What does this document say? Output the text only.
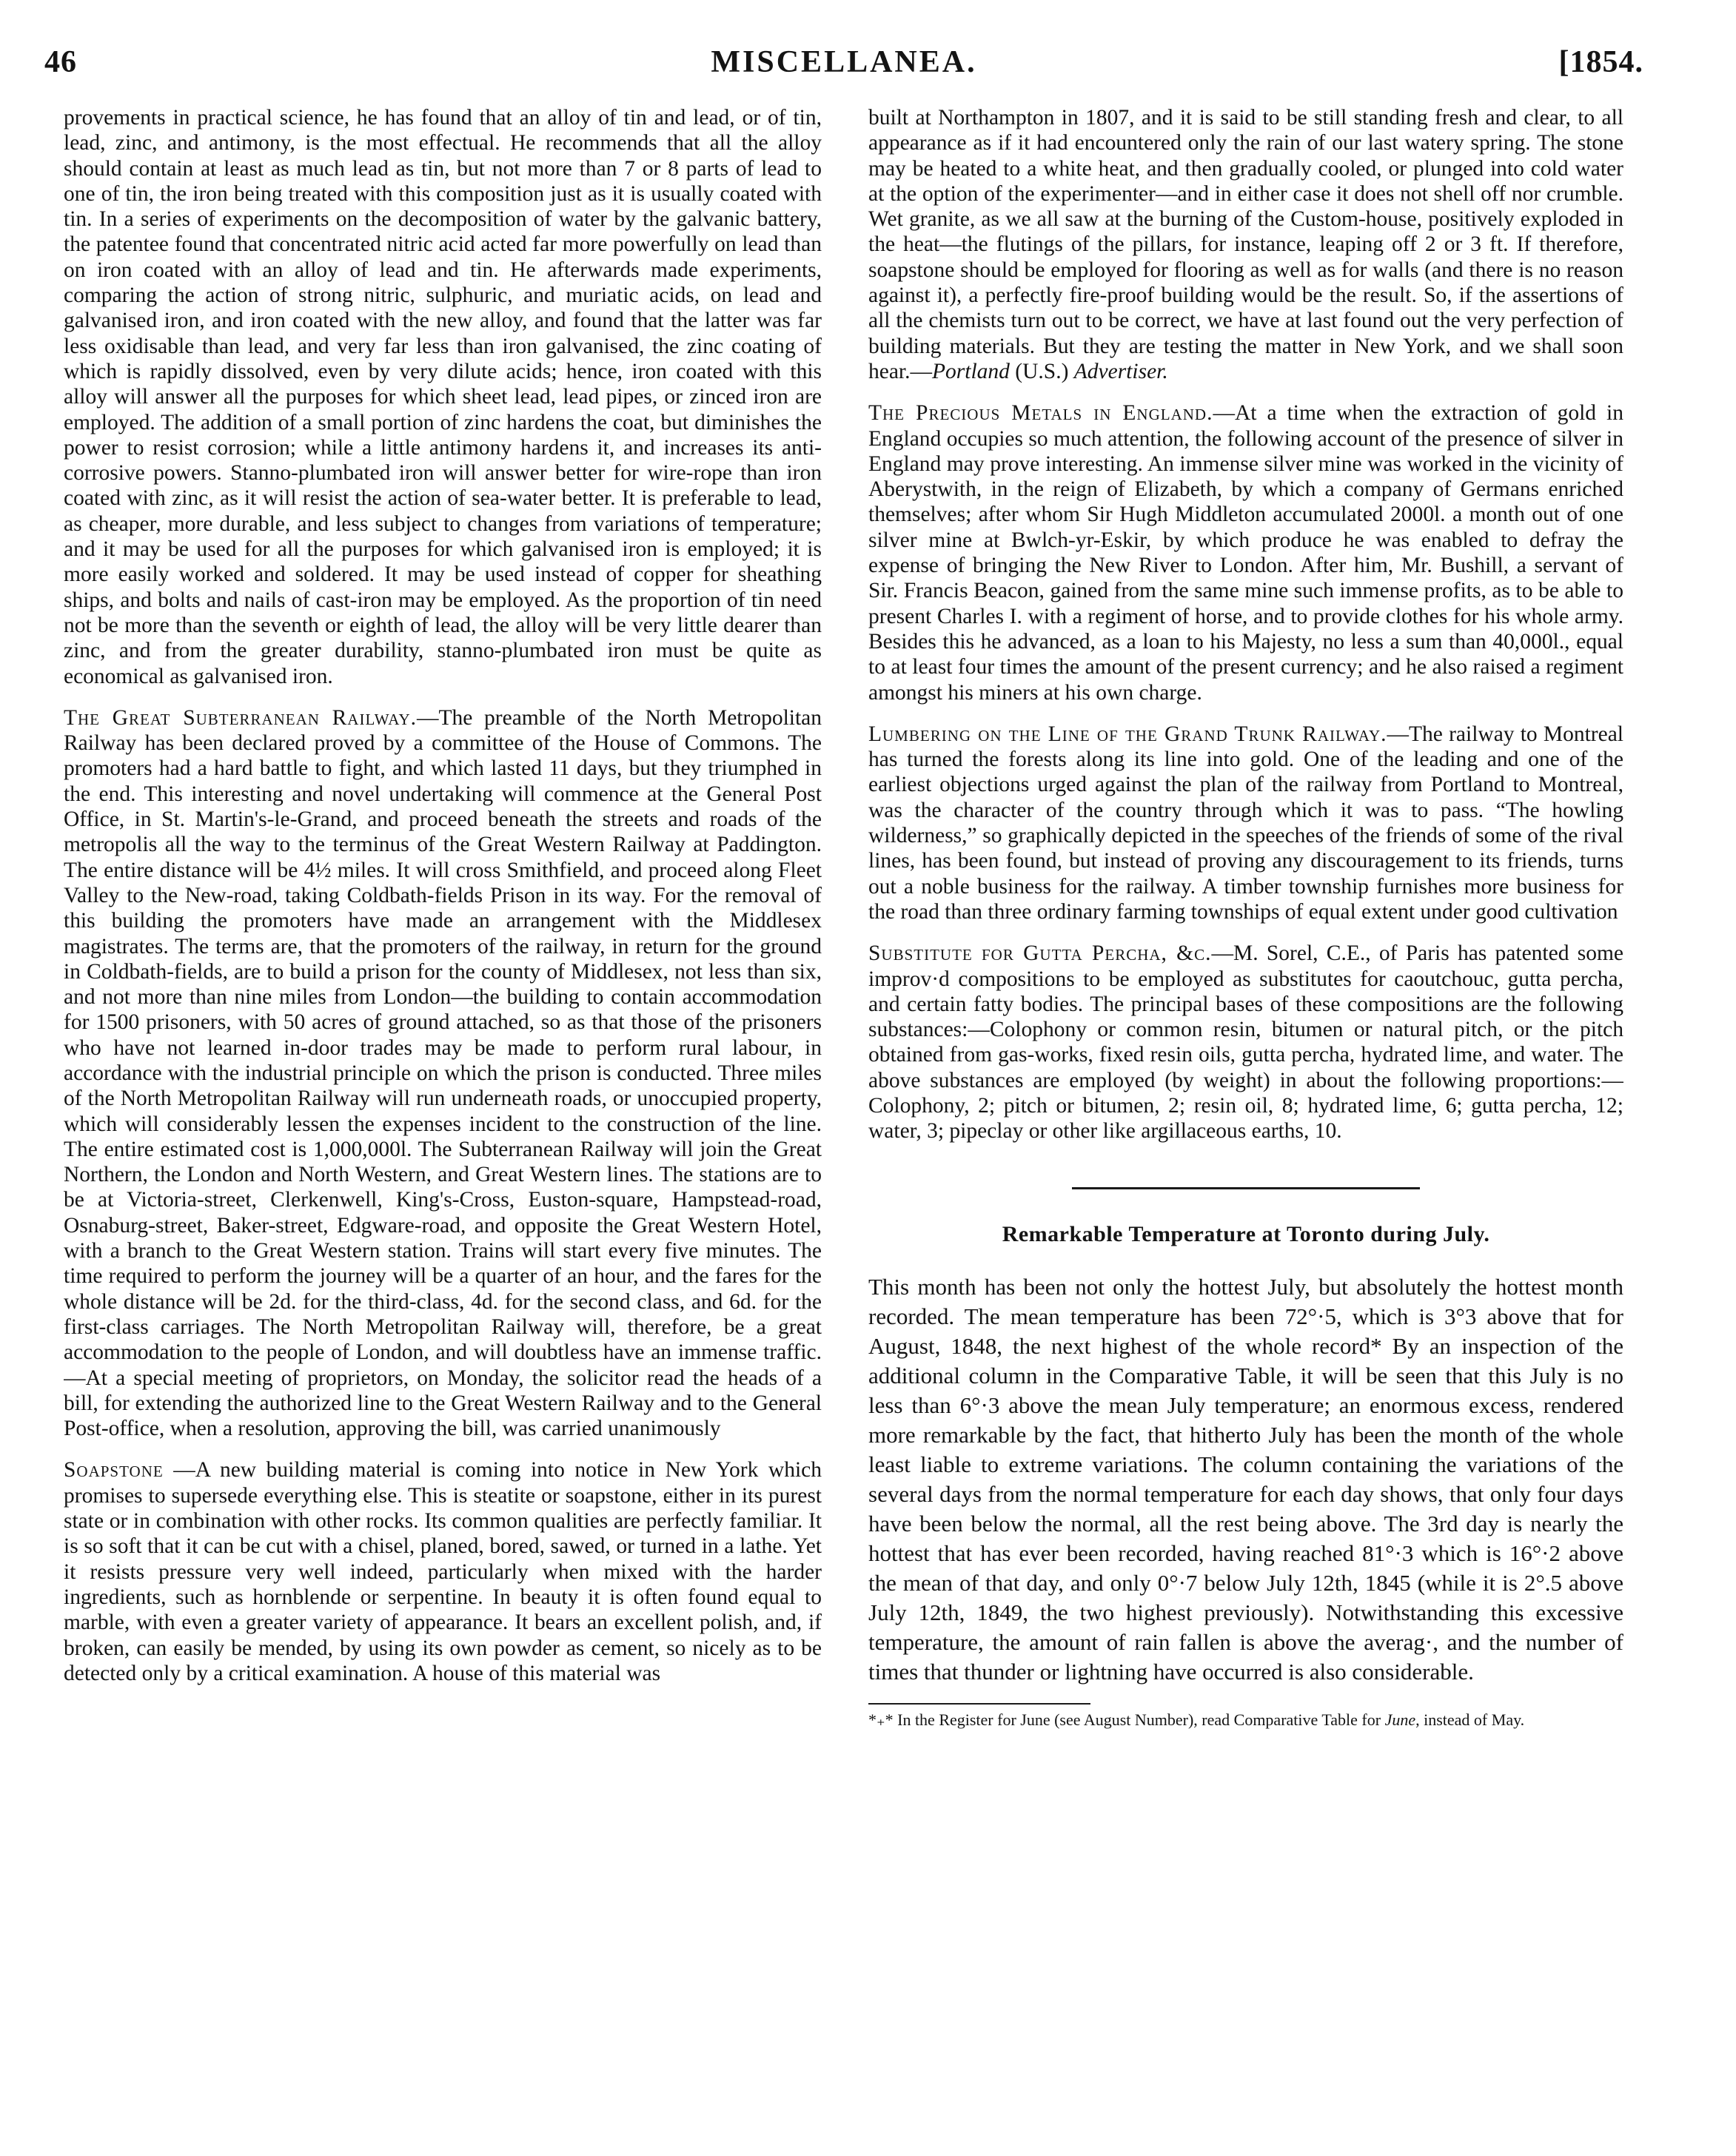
46	MISCELLANEA.	[1854.

provements in practical science, he has found that an alloy of tin and lead, or of tin, lead, zinc, and antimony, is the most effectual. He recommends that all the alloy should contain at least as much lead as tin, but not more than 7 or 8 parts of lead to one of tin, the iron being treated with this composition just as it is usually coated with tin. In a series of experiments on the decomposition of water by the galvanic battery, the patentee found that concentrated nitric acid acted far more powerfully on lead than on iron coated with an alloy of lead and tin. He afterwards made experiments, comparing the action of strong nitric, sulphuric, and muriatic acids, on lead and galvanised iron, and iron coated with the new alloy, and found that the latter was far less oxidisable than lead, and very far less than iron galvanised, the zinc coating of which is rapidly dissolved, even by very dilute acids; hence, iron coated with this alloy will answer all the purposes for which sheet lead, lead pipes, or zinced iron are employed. The addition of a small portion of zinc hardens the coat, but diminishes the power to resist corrosion; while a little antimony hardens it, and increases its anti-corrosive powers. Stanno-plumbated iron will answer better for wire-rope than iron coated with zinc, as it will resist the action of sea-water better. It is preferable to lead, as cheaper, more durable, and less subject to changes from variations of temperature; and it may be used for all the purposes for which galvanised iron is employed; it is more easily worked and soldered. It may be used instead of copper for sheathing ships, and bolts and nails of cast-iron may be employed. As the proportion of tin need not be more than the seventh or eighth of lead, the alloy will be very little dearer than zinc, and from the greater durability, stanno-plumbated iron must be quite as economical as galvanised iron.

The Great Subterranean Railway.—The preamble of the North Metropolitan Railway has been declared proved by a committee of the House of Commons. The promoters had a hard battle to fight, and which lasted 11 days, but they triumphed in the end. This interesting and novel undertaking will commence at the General Post Office, in St. Martin's-le-Grand, and proceed beneath the streets and roads of the metropolis all the way to the terminus of the Great Western Railway at Paddington. The entire distance will be 4½ miles. It will cross Smithfield, and proceed along Fleet Valley to the New-road, taking Coldbath-fields Prison in its way. For the removal of this building the promoters have made an arrangement with the Middlesex magistrates. The terms are, that the promoters of the railway, in return for the ground in Coldbath-fields, are to build a prison for the county of Middlesex, not less than six, and not more than nine miles from London—the building to contain accommodation for 1500 prisoners, with 50 acres of ground attached, so as that those of the prisoners who have not learned in-door trades may be made to perform rural labour, in accordance with the industrial principle on which the prison is conducted. Three miles of the North Metropolitan Railway will run underneath roads, or unoccupied property, which will considerably lessen the expenses incident to the construction of the line. The entire estimated cost is 1,000,000l. The Subterranean Railway will join the Great Northern, the London and North Western, and Great Western lines. The stations are to be at Victoria-street, Clerkenwell, King's-Cross, Euston-square, Hampstead-road, Osnaburg-street, Baker-street, Edgware-road, and opposite the Great Western Hotel, with a branch to the Great Western station. Trains will start every five minutes. The time required to perform the journey will be a quarter of an hour, and the fares for the whole distance will be 2d. for the third-class, 4d. for the second class, and 6d. for the first-class carriages. The North Metropolitan Railway will, therefore, be a great accommodation to the people of London, and will doubtless have an immense traffic.—At a special meeting of proprietors, on Monday, the solicitor read the heads of a bill, for extending the authorized line to the Great Western Railway and to the General Post-office, when a resolution, approving the bill, was carried unanimously

Soapstone —A new building material is coming into notice in New York which promises to supersede everything else. This is steatite or soapstone, either in its purest state or in combination with other rocks. Its common qualities are perfectly familiar. It is so soft that it can be cut with a chisel, planed, bored, sawed, or turned in a lathe. Yet it resists pressure very well indeed, particularly when mixed with the harder ingredients, such as hornblende or serpentine. In beauty it is often found equal to marble, with even a greater variety of appearance. It bears an excellent polish, and, if broken, can easily be mended, by using its own powder as cement, so nicely as to be detected only by a critical examination. A house of this material was

built at Northampton in 1807, and it is said to be still standing fresh and clear, to all appearance as if it had encountered only the rain of our last watery spring. The stone may be heated to a white heat, and then gradually cooled, or plunged into cold water at the option of the experimenter—and in either case it does not shell off nor crumble. Wet granite, as we all saw at the burning of the Custom-house, positively exploded in the heat—the flutings of the pillars, for instance, leaping off 2 or 3 ft. If therefore, soapstone should be employed for flooring as well as for walls (and there is no reason against it), a perfectly fire-proof building would be the result. So, if the assertions of all the chemists turn out to be correct, we have at last found out the very perfection of building materials. But they are testing the matter in New York, and we shall soon hear.—Portland (U.S.) Advertiser.

The Precious Metals in England.—At a time when the extraction of gold in England occupies so much attention, the following account of the presence of silver in England may prove interesting. An immense silver mine was worked in the vicinity of Aberystwith, in the reign of Elizabeth, by which a company of Germans enriched themselves; after whom Sir Hugh Middleton accumulated 2000l. a month out of one silver mine at Bwlch-yr-Eskir, by which produce he was enabled to defray the expense of bringing the New River to London. After him, Mr. Bushill, a servant of Sir. Francis Beacon, gained from the same mine such immense profits, as to be able to present Charles I. with a regiment of horse, and to provide clothes for his whole army. Besides this he advanced, as a loan to his Majesty, no less a sum than 40,000l., equal to at least four times the amount of the present currency; and he also raised a regiment amongst his miners at his own charge.

Lumbering on the Line of the Grand Trunk Railway.—The railway to Montreal has turned the forests along its line into gold. One of the leading and one of the earliest objections urged against the plan of the railway from Portland to Montreal, was the character of the country through which it was to pass. “The howling wilderness,” so graphically depicted in the speeches of the friends of some of the rival lines, has been found, but instead of proving any discouragement to its friends, turns out a noble business for the railway. A timber township furnishes more business for the road than three ordinary farming townships of equal extent under good cultivation

Substitute for Gutta Percha, &c.—M. Sorel, C.E., of Paris has patented some improv·d compositions to be employed as substitutes for caoutchouc, gutta percha, and certain fatty bodies. The principal bases of these compositions are the following substances:—Colophony or common resin, bitumen or natural pitch, or the pitch obtained from gas-works, fixed resin oils, gutta percha, hydrated lime, and water. The above substances are employed (by weight) in about the following proportions:—Colophony, 2; pitch or bitumen, 2; resin oil, 8; hydrated lime, 6; gutta percha, 12; water, 3; pipeclay or other like argillaceous earths, 10.

Remarkable Temperature at Toronto during July.

This month has been not only the hottest July, but absolutely the hottest month recorded. The mean temperature has been 72°·5, which is 3°3 above that for August, 1848, the next highest of the whole record* By an inspection of the additional column in the Comparative Table, it will be seen that this July is no less than 6°·3 above the mean July temperature; an enormous excess, rendered more remarkable by the fact, that hitherto July has been the month of the whole least liable to extreme variations. The column containing the variations of the several days from the normal temperature for each day shows, that only four days have been below the normal, all the rest being above. The 3rd day is nearly the hottest that has ever been recorded, having reached 81°·3 which is 16°·2 above the mean of that day, and only 0°·7 below July 12th, 1845 (while it is 2°.5 above July 12th, 1849, the two highest previously). Notwithstanding this excessive temperature, the amount of rain fallen is above the averag·, and the number of times that thunder or lightning have occurred is also considerable.

*₊* In the Register for June (see August Number), read Comparative Table for June, instead of May.
